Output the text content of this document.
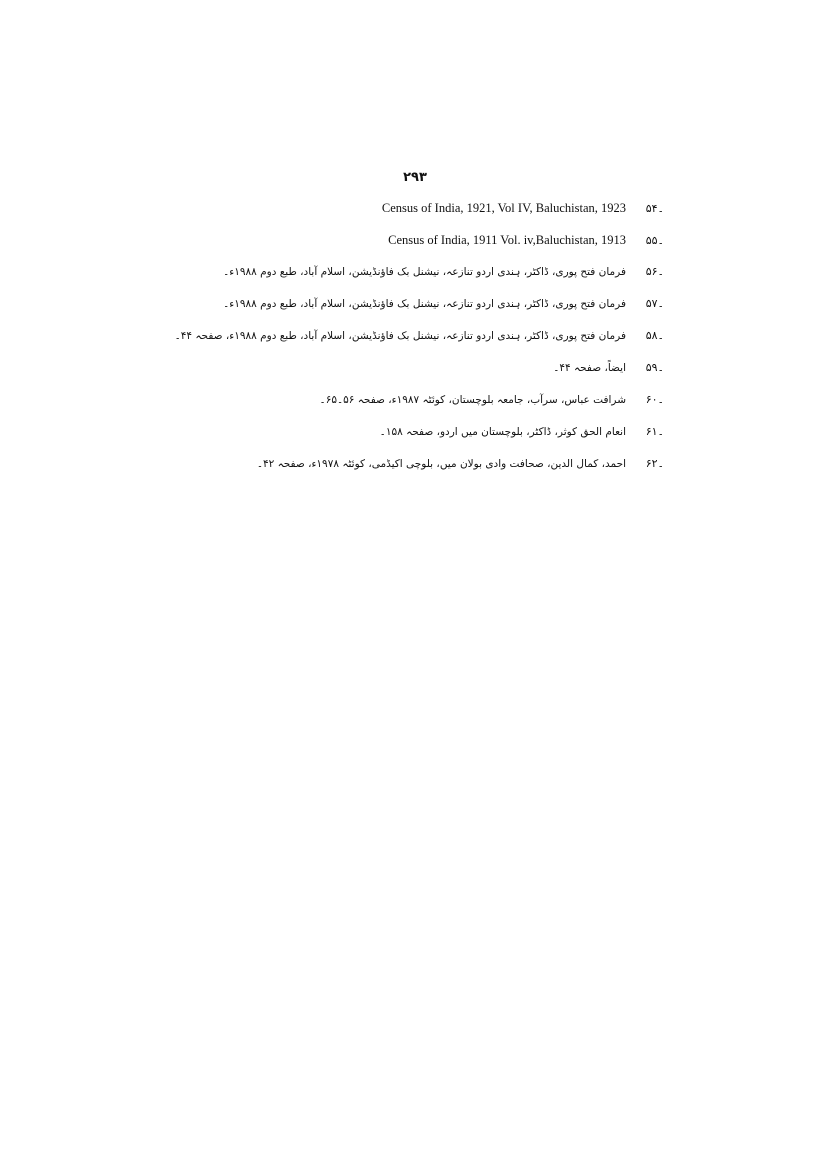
۲۹۳
۔۵۴
Census of India, 1921, Vol IV, Baluchistan, 1923
۔۵۵
Census of India, 1911 Vol. iv,Baluchistan, 1913
۔۵۶
فرمان فتح پوری، ڈاکٹر، ہندی اردو تنازعہ، نیشنل بک فاؤنڈیشن، اسلام آباد، طبع دوم ۱۹۸۸ء۔
۔۵۷
فرمان فتح پوری، ڈاکٹر، ہندی اردو تنازعہ، نیشنل بک فاؤنڈیشن، اسلام آباد، طبع دوم ۱۹۸۸ء۔
۔۵۸
فرمان فتح پوری، ڈاکٹر، ہندی اردو تنازعہ، نیشنل بک فاؤنڈیشن، اسلام آباد، طبع دوم ۱۹۸۸ء، صفحہ ۴۴۔
۔۵۹
ایضاً، صفحہ ۴۴۔
۔۶۰
شرافت عباس، سرآب، جامعہ بلوچستان، کوئٹہ ۱۹۸۷ء، صفحہ ۵۶۔۶۵۔
۔۶۱
انعام الحق کوثر، ڈاکٹر، بلوچستان میں اردو، صفحہ ۱۵۸۔
۔۶۲
احمد، کمال الدین، صحافت وادی بولان میں، بلوچی اکیڈمی، کوئٹہ ۱۹۷۸ء، صفحہ ۴۲۔
